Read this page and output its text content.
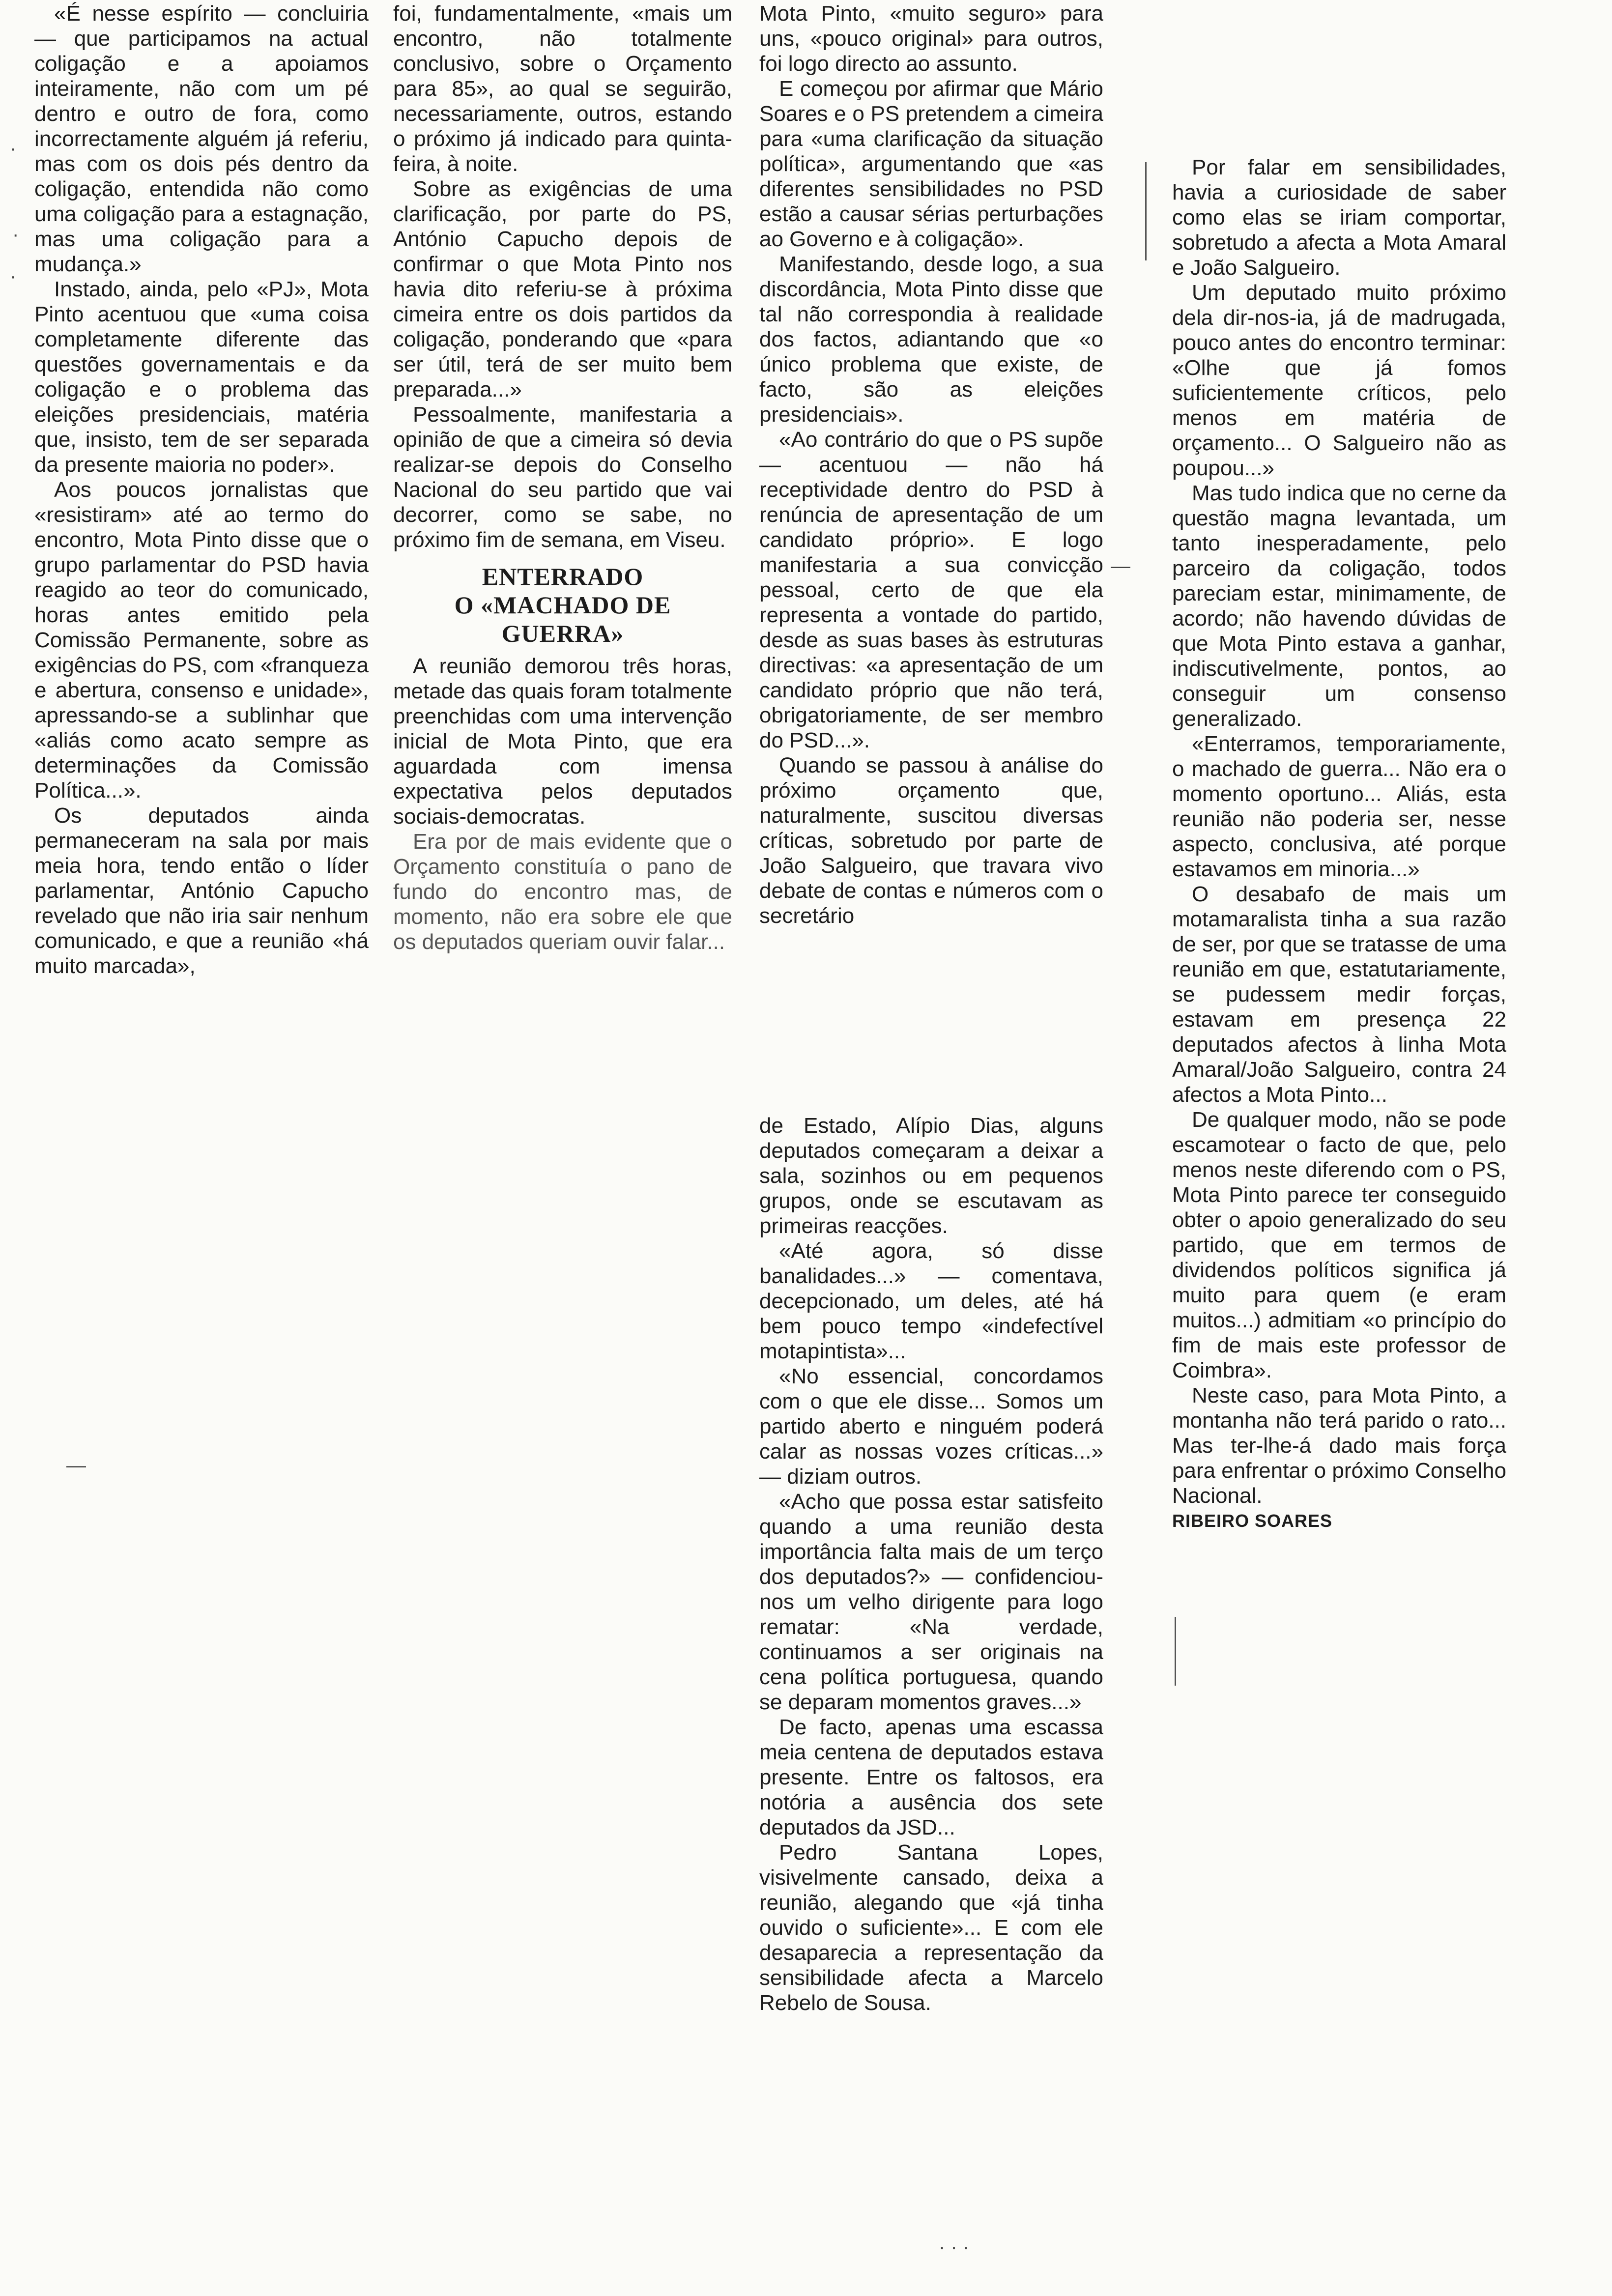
«É nesse espírito — concluiria — que participamos na actual coligação e a apoiamos inteiramente, não com um pé dentro e outro de fora, como incorrectamente alguém já referiu, mas com os dois pés dentro da coligação, entendida não como uma coligação para a estagnação, mas uma coligação para a mudança.»

Instado, ainda, pelo «PJ», Mota Pinto acentuou que «uma coisa completamente diferente das questões governamentais e da coligação e o problema das eleições presidenciais, matéria que, insisto, tem de ser separada da presente maioria no poder».

Aos poucos jornalistas que «resistiram» até ao termo do encontro, Mota Pinto disse que o grupo parlamentar do PSD havia reagido ao teor do comunicado, horas antes emitido pela Comissão Permanente, sobre as exigências do PS, com «franqueza e abertura, consenso e unidade», apressando-se a sublinhar que «aliás como acato sempre as determinações da Comissão Política...».

Os deputados ainda permaneceram na sala por mais meia hora, tendo então o líder parlamentar, António Capucho revelado que não iria sair nenhum comunicado, e que a reunião «há muito marcada»,

foi, fundamentalmente, «mais um encontro, não totalmente conclusivo, sobre o Orçamento para 85», ao qual se seguirão, necessariamente, outros, estando o próximo já indicado para quinta-feira, à noite.

Sobre as exigências de uma clarificação, por parte do PS, António Capucho depois de confirmar o que Mota Pinto nos havia dito referiu-se à próxima cimeira entre os dois partidos da coligação, ponderando que «para ser útil, terá de ser muito bem preparada...»

Pessoalmente, manifestaria a opinião de que a cimeira só devia realizar-se depois do Conselho Nacional do seu partido que vai decorrer, como se sabe, no próximo fim de semana, em Viseu.

ENTERRADO
O «MACHADO DE GUERRA»

A reunião demorou três horas, metade das quais foram totalmente preenchidas com uma intervenção inicial de Mota Pinto, que era aguardada com imensa expectativa pelos deputados sociais-democratas.

Era por de mais evidente que o Orçamento constituía o pano de fundo do encontro mas, de momento, não era sobre ele que os deputados queriam ouvir falar...

Mota Pinto, «muito seguro» para uns, «pouco original» para outros, foi logo directo ao assunto.

E começou por afirmar que Mário Soares e o PS pretendem a cimeira para «uma clarificação da situação política», argumentando que «as diferentes sensibilidades no PSD estão a causar sérias perturbações ao Governo e à coligação».

Manifestando, desde logo, a sua discordância, Mota Pinto disse que tal não correspondia à realidade dos factos, adiantando que «o único problema que existe, de facto, são as eleições presidenciais».

«Ao contrário do que o PS supõe — acentuou — não há receptividade dentro do PSD à renúncia de apresentação de um candidato próprio». E logo manifestaria a sua convicção pessoal, certo de que ela representa a vontade do partido, desde as suas bases às estruturas directivas: «a apresentação de um candidato próprio que não terá, obrigatoriamente, de ser membro do PSD...».

Quando se passou à análise do próximo orçamento que, naturalmente, suscitou diversas críticas, sobretudo por parte de João Salgueiro, que travara vivo debate de contas e números com o secretário

de Estado, Alípio Dias, alguns deputados começaram a deixar a sala, sozinhos ou em pequenos grupos, onde se escutavam as primeiras reacções.

«Até agora, só disse banalidades...» — comentava, decepcionado, um deles, até há bem pouco tempo «indefectível motapintista»...

«No essencial, concordamos com o que ele disse... Somos um partido aberto e ninguém poderá calar as nossas vozes críticas...» — diziam outros.

«Acho que possa estar satisfeito quando a uma reunião desta importância falta mais de um terço dos deputados?» — confidenciou-nos um velho dirigente para logo rematar: «Na verdade, continuamos a ser originais na cena política portuguesa, quando se deparam momentos graves...»

De facto, apenas uma escassa meia centena de deputados estava presente. Entre os faltosos, era notória a ausência dos sete deputados da JSD...

Pedro Santana Lopes, visivelmente cansado, deixa a reunião, alegando que «já tinha ouvido o suficiente»... E com ele desaparecia a representação da sensibilidade afecta a Marcelo Rebelo de Sousa.

Por falar em sensibilidades, havia a curiosidade de saber como elas se iriam comportar, sobretudo a afecta a Mota Amaral e João Salgueiro.

Um deputado muito próximo dela dir-nos-ia, já de madrugada, pouco antes do encontro terminar: «Olhe que já fomos suficientemente críticos, pelo menos em matéria de orçamento... O Salgueiro não as poupou...»

Mas tudo indica que no cerne da questão magna levantada, um tanto inesperadamente, pelo parceiro da coligação, todos pareciam estar, minimamente, de acordo; não havendo dúvidas de que Mota Pinto estava a ganhar, indiscutivelmente, pontos, ao conseguir um consenso generalizado.

«Enterramos, temporariamente, o machado de guerra... Não era o momento oportuno... Aliás, esta reunião não poderia ser, nesse aspecto, conclusiva, até porque estavamos em minoria...»

O desabafo de mais um motamaralista tinha a sua razão de ser, por que se tratasse de uma reunião em que, estatutariamente, se pudessem medir forças, estavam em presença 22 deputados afectos à linha Mota Amaral/João Salgueiro, contra 24 afectos a Mota Pinto...

De qualquer modo, não se pode escamotear o facto de que, pelo menos neste diferendo com o PS, Mota Pinto parece ter conseguido obter o apoio generalizado do seu partido, que em termos de dividendos políticos significa já muito para quem (e eram muitos...) admitiam «o princípio do fim de mais este professor de Coimbra».

Neste caso, para Mota Pinto, a montanha não terá parido o rato... Mas ter-lhe-á dado mais força para enfrentar o próximo Conselho Nacional.

RIBEIRO SOARES

·
·
·
—
—
· · ·
